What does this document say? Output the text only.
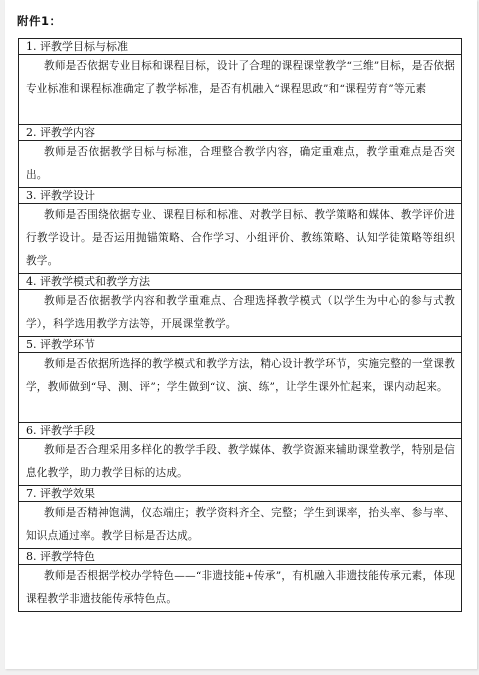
附件1：
1. 评教学目标与标准
教师是否依据专业目标和课程目标，设计了合理的课程课堂教学“三维”目标，是否依据专业标准和课程标准确定了教学标准，是否有机融入“课程思政”和“课程劳育”等元素
2. 评教学内容
教师是否依据教学目标与标准，合理整合教学内容，确定重难点，教学重难点是否突出。
3. 评教学设计
教师是否围绕依据专业、课程目标和标准、对教学目标、教学策略和媒体、教学评价进行教学设计。是否运用抛锚策略、合作学习、小组评价、教练策略、认知学徒策略等组织教学。
4. 评教学模式和教学方法
教师是否依据教学内容和教学重难点、合理选择教学模式（以学生为中心的参与式教学），科学选用教学方法等，开展课堂教学。
5. 评教学环节
教师是否依据所选择的教学模式和教学方法，精心设计教学环节，实施完整的一堂课教学，教师做到“导、测、评”；学生做到“议、演、练”，让学生课外忙起来，课内动起来。
6. 评教学手段
教师是否合理采用多样化的教学手段、教学媒体、教学资源来辅助课堂教学，特别是信息化教学，助力教学目标的达成。
7. 评教学效果
教师是否精神饱满，仪态端庄；教学资料齐全、完整；学生到课率，抬头率、参与率、知识点通过率。教学目标是否达成。
8. 评教学特色
教师是否根据学校办学特色——“非遗技能+传承”，有机融入非遗技能传承元素，体现课程教学非遗技能传承特色点。
